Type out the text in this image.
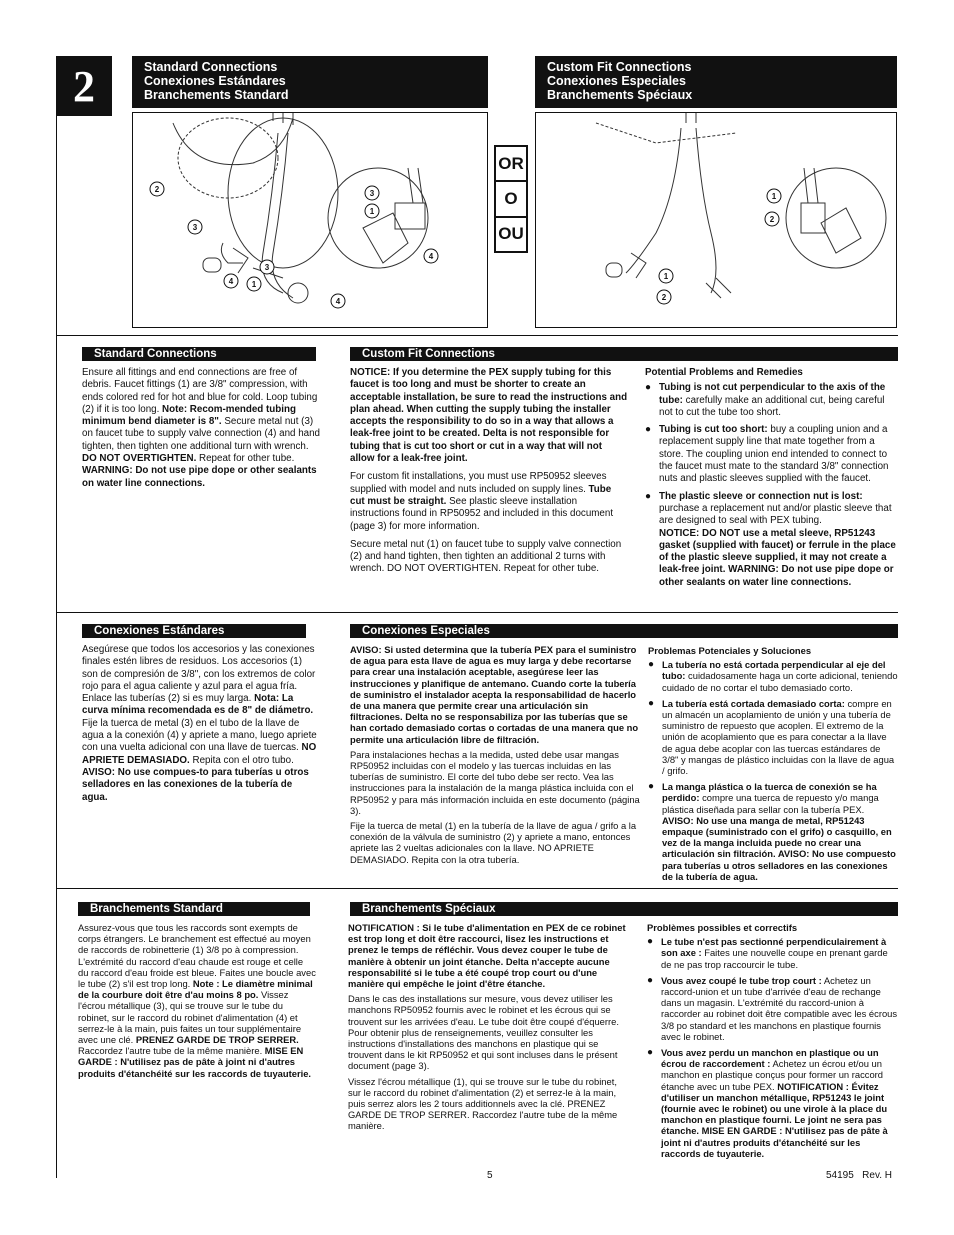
2	Standard Connections
Conexiones Estándares
Branchements Standard
Custom Fit Connections
Conexiones Especiales
Branchements Spéciaux
2
3
4
1
3
4
3
1
4
OR
O
OU
1
2
1
2
Standard Connections

Ensure all fittings and end connections are free of debris. Faucet fittings (1) are 3/8" compression, with ends colored red for hot and blue for cold. Loop tubing (2) if it is too long. Note: Recom-mended tubing minimum bend diameter is 8". Secure metal nut (3) on faucet tube to supply valve connection (4) and hand tighten, then tighten one additional turn with wrench. DO NOT OVERTIGHTEN. Repeat for other tube. WARNING: Do not use pipe dope or other sealants on water line connections.

Custom Fit Connections

NOTICE: If you determine the PEX supply tubing for this faucet is too long and must be shorter to create an acceptable installation, be sure to read the instructions and plan ahead. When cutting the supply tubing the installer accepts the responsibility to do so in a way that allows a leak-free joint to be created. Delta is not responsible for tubing that is cut too short or cut in a way that will not allow for a leak-free joint.

For custom fit installations, you must use RP50952 sleeves supplied with model and nuts included on supply lines. Tube cut must be straight. See plastic sleeve installation instructions found in RP50952 and included in this document (page 3) for more information.

Secure metal nut (1) on faucet tube to supply valve connection (2) and hand tighten, then tighten an additional 2 turns with wrench. DO NOT OVERTIGHTEN. Repeat for other tube.

Potential Problems and Remedies
● Tubing is not cut perpendicular to the axis of the tube: carefully make an additional cut, being careful not to cut the tube too short.
● Tubing is cut too short: buy a coupling union and a replacement supply line that mate together from a store. The coupling union end intended to connect to the faucet must mate to the standard 3/8" connection nuts and plastic sleeves supplied with the faucet.
● The plastic sleeve or connection nut is lost: purchase a replacement nut and/or plastic sleeve that are designed to seal with PEX tubing.
NOTICE: DO NOT use a metal sleeve, RP51243 gasket (supplied with faucet) or ferrule in the place of the plastic sleeve supplied, it may not create a leak-free joint. WARNING: Do not use pipe dope or other sealants on water line connections.
Conexiones Estándares

Asegúrese que todos los accesorios y las conexiones finales estén libres de residuos. Los accesorios (1) son de compresión de 3/8", con los extremos de color rojo para el agua caliente y azul para el agua fría. Enlace las tuberías (2) si es muy larga. Nota: La curva mínima recomendada es de 8" de diámetro. Fije la tuerca de metal (3) en el tubo de la llave de agua a la conexión (4) y apriete a mano, luego apriete con una vuelta adicional con una llave de tuercas. NO APRIETE DEMASIADO. Repita con el otro tubo. AVISO: No use compues-to para tuberías u otros selladores en las conexiones de la tubería de agua.

Conexiones Especiales

AVISO: Si usted determina que la tubería PEX para el suministro de agua para esta llave de agua es muy larga y debe recortarse para crear una instalación aceptable, asegúrese leer las instrucciones y planifique de antemano. Cuando corte la tubería de suministro el instalador acepta la responsabilidad de hacerlo de una manera que permite crear una articulación sin filtraciones. Delta no se responsabiliza por las tuberías que se han cortado demasiado cortas o cortadas de una manera que no permite una articulación libre de filtración.

Para instalaciones hechas a la medida, usted debe usar mangas RP50952 incluidas con el modelo y las tuercas incluidas en las tuberías de suministro. El corte del tubo debe ser recto. Vea las instrucciones para la instalación de la manga plástica incluida con el RP50952 y para más información incluida en este documento (página 3).

Fije la tuerca de metal (1) en la tubería de la llave de agua / grifo a la conexión de la válvula de suministro (2) y apriete a mano, entonces apriete las 2 vueltas adicionales con la llave. NO APRIETE DEMASIADO. Repita con la otra tubería.

Problemas Potenciales y Soluciones
● La tubería no está cortada perpendicular al eje del tubo: cuidadosamente haga un corte adicional, teniendo cuidado de no cortar el tubo demasiado corto.
● La tubería está cortada demasiado corta: compre en un almacén un acoplamiento de unión y una tubería de suministro de repuesto que acoplen. El extremo de la unión de acoplamiento que es para conectar a la llave de agua debe acoplar con las tuercas estándares de 3/8" y mangas de plástico incluidas con la llave de agua / grifo.
● La manga plástica o la tuerca de conexión se ha perdido: compre una tuerca de repuesto y/o manga plástica diseñada para sellar con la tubería PEX. AVISO: No use una manga de metal, RP51243 empaque (suministrado con el grifo) o casquillo, en vez de la manga incluida puede no crear una articulación sin filtración. AVISO: No use compuesto para tuberías u otros selladores en las conexiones de la tubería de agua.
Branchements Standard

Assurez-vous que tous les raccords sont exempts de corps étrangers. Le branchement est effectué au moyen de raccords de robinetterie (1) 3/8 po à compression. L'extrémité du raccord d'eau chaude est rouge et celle du raccord d'eau froide est bleue. Faites une boucle avec le tube (2) s'il est trop long. Note : Le diamètre minimal de la courbure doit être d'au moins 8 po. Vissez l'écrou métallique (3), qui se trouve sur le tube du robinet, sur le raccord du robinet d'alimentation (4) et serrez-le à la main, puis faites un tour supplémentaire avec une clé. PRENEZ GARDE DE TROP SERRER. Raccordez l'autre tube de la même manière. MISE EN GARDE : N'utilisez pas de pâte à joint ni d'autres produits d'étanchéité sur les raccords de tuyauterie.

Branchements Spéciaux

NOTIFICATION : Si le tube d'alimentation en PEX de ce robinet est trop long et doit être raccourci, lisez les instructions et prenez le temps de réfléchir. Vous devez couper le tube de manière à obtenir un joint étanche. Delta n'accepte aucune responsabilité si le tube a été coupé trop court ou d'une manière qui empêche le joint d'être étanche.

Dans le cas des installations sur mesure, vous devez utiliser les manchons RP50952 fournis avec le robinet et les écrous qui se trouvent sur les arrivées d'eau. Le tube doit être coupé d'équerre. Pour obtenir plus de renseignements, veuillez consulter les instructions d'installations des manchons en plastique qui se trouvent dans le kit RP50952 et qui sont incluses dans le présent document (page 3).

Vissez l'écrou métallique (1), qui se trouve sur le tube du robinet, sur le raccord du robinet d'alimentation (2) et serrez-le à la main, puis serrez alors les 2 tours additionnels avec la clé. PRENEZ GARDE DE TROP SERRER. Raccordez l'autre tube de la même manière.

Problèmes possibles et correctifs
● Le tube n'est pas sectionné perpendiculairement à son axe : Faites une nouvelle coupe en prenant garde de ne pas trop raccourcir le tube.
● Vous avez coupé le tube trop court : Achetez un raccord-union et un tube d'arrivée d'eau de rechange dans un magasin. L'extrémité du raccord-union à raccorder au robinet doit être compatible avec les écrous 3/8 po standard et les manchons en plastique fournis avec le robinet.
● Vous avez perdu un manchon en plastique ou un écrou de raccordement : Achetez un écrou et/ou un manchon en plastique conçus pour former un raccord étanche avec un tube PEX. NOTIFICATION : Évitez d'utiliser un manchon métallique, RP51243 le joint (fournie avec le robinet) ou une virole à la place du manchon en plastique fourni. Le joint ne sera pas étanche. MISE EN GARDE : N'utilisez pas de pâte à joint ni d'autres produits d'étanchéité sur les raccords de tuyauterie.
5	54195 Rev. H
